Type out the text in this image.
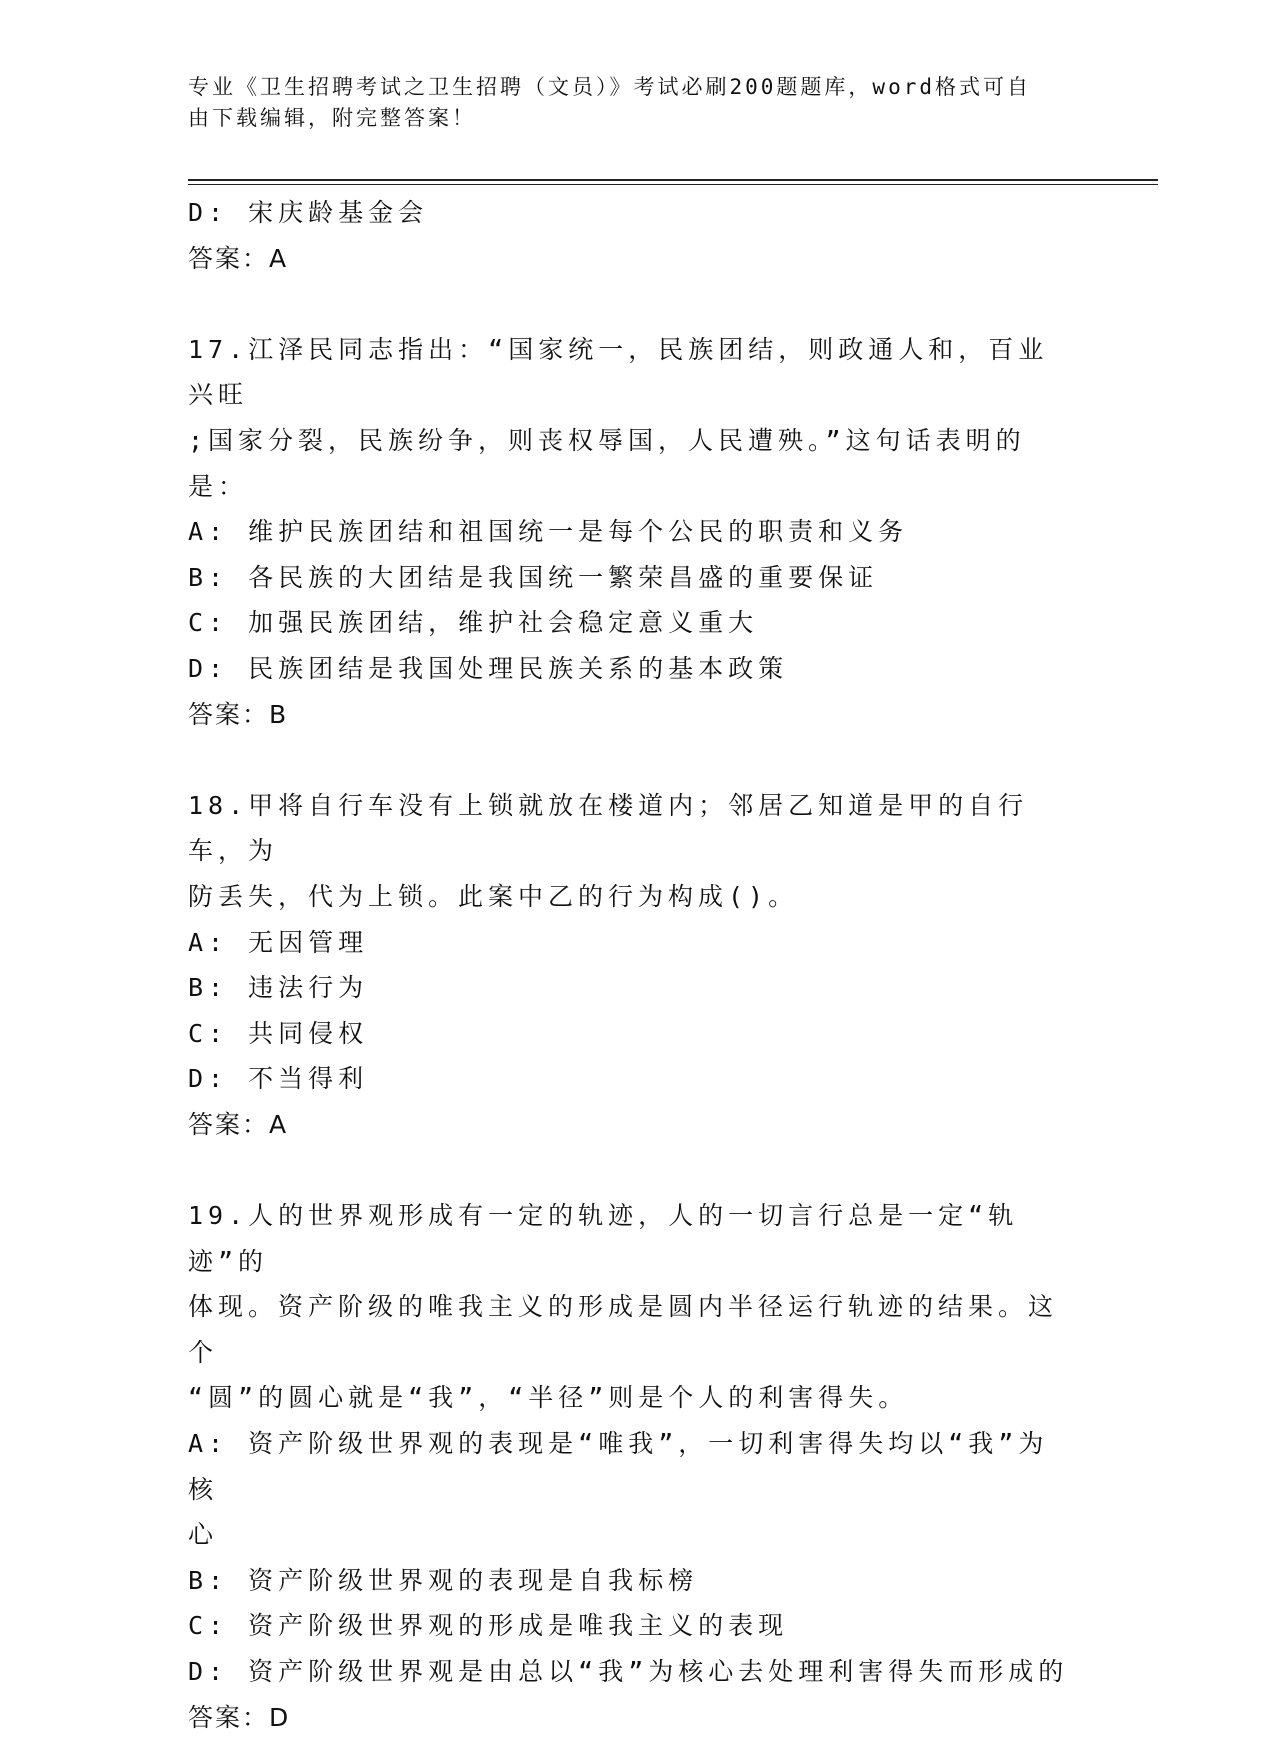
专业《卫生招聘考试之卫生招聘（文员）》考试必刷200题题库，word格式可自
由下载编辑，附完整答案！
D: 宋庆龄基金会
答案：A
17.江泽民同志指出：“国家统一，民族团结，则政通人和，百业兴旺
;国家分裂，民族纷争，则丧权辱国，人民遭殃。”这句话表明的是：
A: 维护民族团结和祖国统一是每个公民的职责和义务
B: 各民族的大团结是我国统一繁荣昌盛的重要保证
C: 加强民族团结，维护社会稳定意义重大
D: 民族团结是我国处理民族关系的基本政策
答案：B
18.甲将自行车没有上锁就放在楼道内；邻居乙知道是甲的自行车，为
防丢失，代为上锁。此案中乙的行为构成()。
A: 无因管理
B: 违法行为
C: 共同侵权
D: 不当得利
答案：A
19.人的世界观形成有一定的轨迹，人的一切言行总是一定“轨迹”的
体现。资产阶级的唯我主义的形成是圆内半径运行轨迹的结果。这个
“圆”的圆心就是“我”，“半径”则是个人的利害得失。
A: 资产阶级世界观的表现是“唯我”，一切利害得失均以“我”为核
心
B: 资产阶级世界观的表现是自我标榜
C: 资产阶级世界观的形成是唯我主义的表现
D: 资产阶级世界观是由总以“我”为核心去处理利害得失而形成的
答案：D
